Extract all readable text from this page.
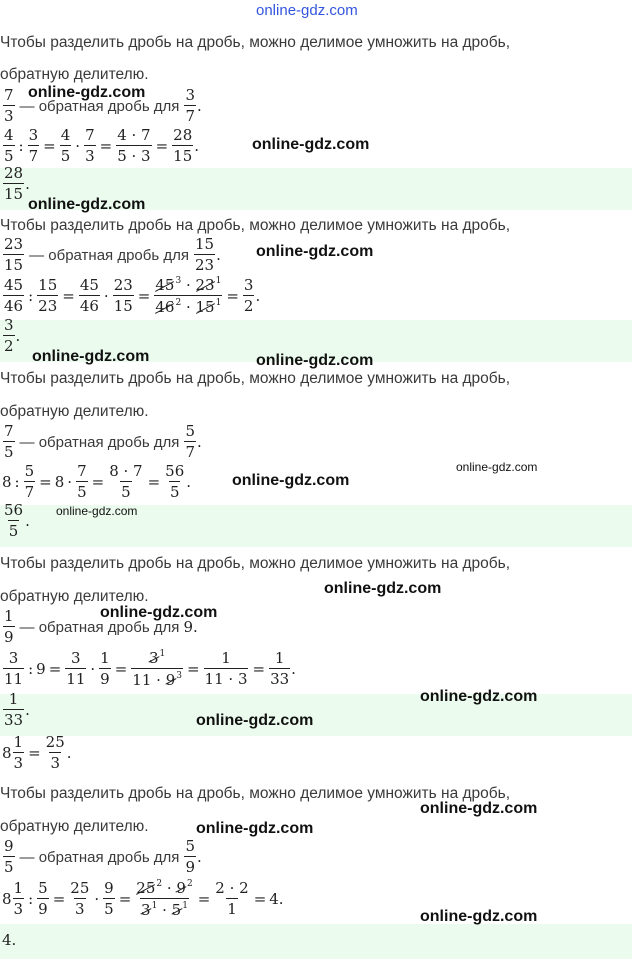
online-gdz.com
Чтобы разделить дробь на дробь, можно делимое умножить на дробь,
обратную делителю.
$\frac{7}{3}$ — обратная дробь для $\frac{3}{7}$ .
$\frac{4}{5}$ : $\frac{3}{7} = \frac{4}{5} \cdot \frac{7}{3} = \frac{4 \cdot 7}{5 \cdot 3} = \frac{28}{15}$ .
$\frac{28}{15}$ .
Чтобы разделить дробь на дробь, можно делимое умножить на дробь,
$\frac{23}{15}$ — обратная дробь для $\frac{15}{23}$ .
$\frac{45}{46}$ : $\frac{15}{23} = \frac{45}{46} \cdot \frac{23}{15} = \frac{45^3 \cdot 23^1}{46^2 \cdot 15^1} = \frac{3}{2}$ .
$\frac{3}{2}$ .
Чтобы разделить дробь на дробь, можно делимое умножить на дробь,
обратную делителю.
$\frac{7}{5}$ — обратная дробь для $\frac{5}{7}$ .
8 : $\frac{5}{7} = 8 \cdot \frac{7}{5} = \frac{8 \cdot 7}{5} = \frac{56}{5}$ .
$\frac{56}{5}$ .
Чтобы разделить дробь на дробь, можно делимое умножить на дробь,
обратную делителю.
$\frac{1}{9}$ — обратная дробь для 9 .
$\frac{3}{11}$ : $9 = \frac{3}{11} \cdot \frac{1}{9} = \frac{3^1}{11 \cdot 9^3} = \frac{1}{11 \cdot 3} = \frac{1}{33}$ .
$\frac{1}{33}$ .
$8 \frac{1}{3} = \frac{25}{3}$ .
Чтобы разделить дробь на дробь, можно делимое умножить на дробь,
обратную делителю.
$\frac{9}{5}$ — обратная дробь для $\frac{5}{9}$ .
$8 \frac{1}{3}$ : $\frac{5}{9} = \frac{25}{3} \cdot \frac{9}{5} = \frac{25^2 \cdot 9^2}{3^1 \cdot 5^1} = \frac{2 \cdot 2}{1} = 4$.
4.
online-gdz.com
online-gdz.com
online-gdz.com
online-gdz.com
online-gdz.com	online-gdz.com
online-gdz.com
online-gdz.com
online-gdz.com
online-gdz.com
online-gdz.com
online-gdz.com
online-gdz.com
online-gdz.com
online-gdz.com
online-gdz.com
